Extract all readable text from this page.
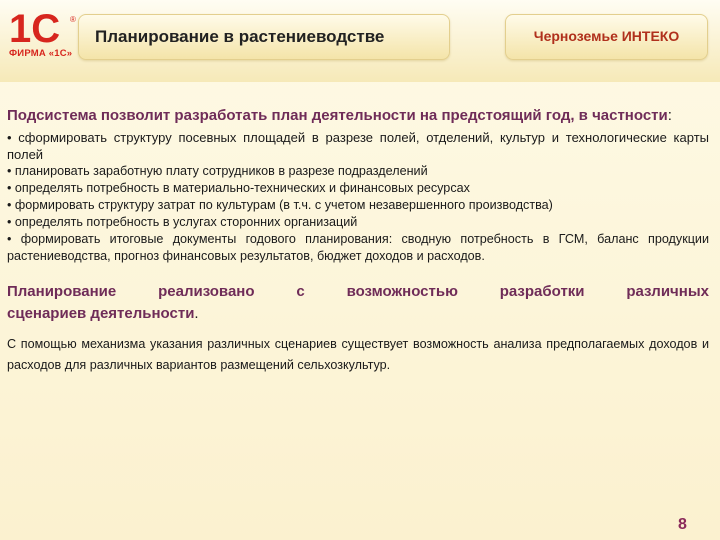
1С ®
ФИРМА «1С»
Планирование в растениеводстве	Черноземье ИНТЕКО

Подсистема позволит разработать план деятельности на предстоящий год, в частности:

• сформировать структуру посевных площадей в разрезе полей, отделений, культур и технологические карты полей
• планировать заработную плату сотрудников в разрезе подразделений
• определять потребность в материально-технических и финансовых ресурсах
• формировать структуру затрат по культурам (в т.ч. с учетом незавершенного производства)
• определять потребность в услугах сторонних организаций
• формировать итоговые документы годового планирования: сводную потребность в ГСМ, баланс продукции растениеводства, прогноз финансовых результатов, бюджет доходов и расходов.
Планирование	реализовано	с	возможностью	разработки	различных
сценариев деятельности.

С помощью механизма указания различных сценариев существует возможность анализа предполагаемых доходов и расходов для различных вариантов размещений сельхозкультур.

8
